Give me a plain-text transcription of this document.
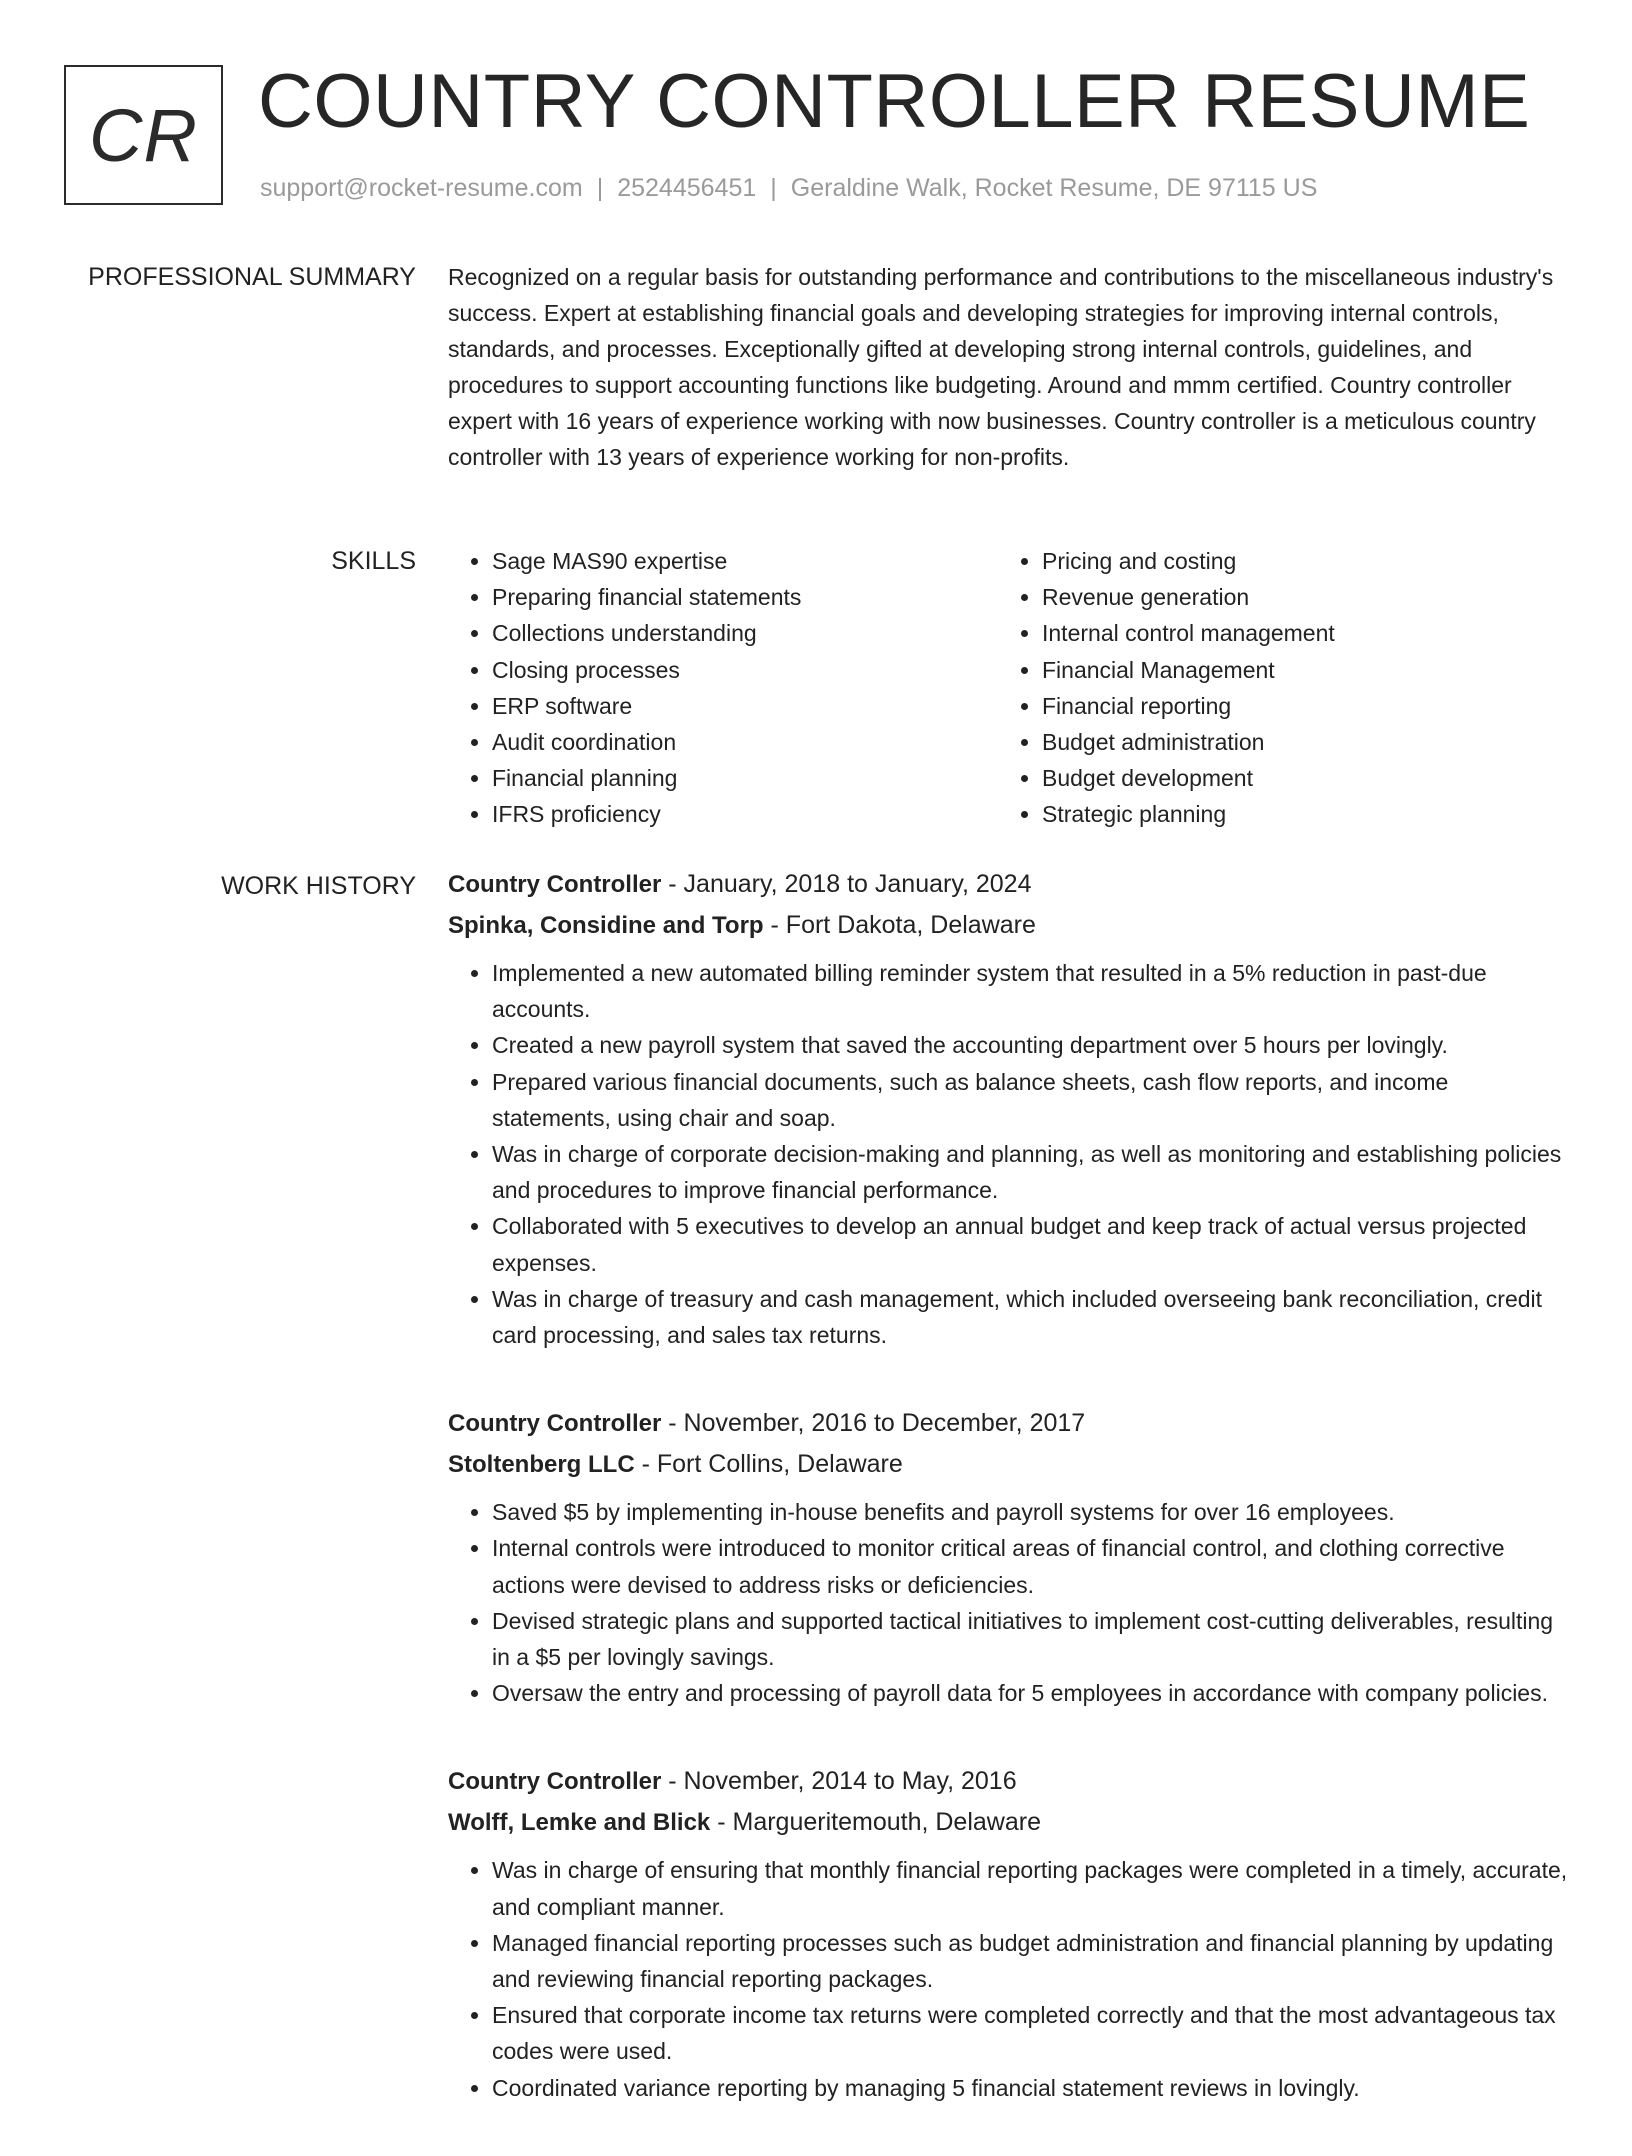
CR COUNTRY CONTROLLER RESUME
support@rocket-resume.com | 2524456451 | Geraldine Walk, Rocket Resume, DE 97115 US
PROFESSIONAL SUMMARY Recognized on a regular basis for outstanding performance and contributions to the miscellaneous industry's success. Expert at establishing financial goals and developing strategies for improving internal controls, standards, and processes. Exceptionally gifted at developing strong internal controls, guidelines, and procedures to support accounting functions like budgeting. Around and mmm certified. Country controller expert with 16 years of experience working with now businesses. Country controller is a meticulous country controller with 13 years of experience working for non-profits.

SKILLS
•	Sage MAS90 expertise
• Preparing financial statements
• Collections understanding
• Closing processes
• ERP software
• Audit coordination
• Financial planning
• IFRS proficiency
• Pricing and costing
• Revenue generation
• Internal control management
• Financial Management
• Financial reporting
• Budget administration
• Budget development
• Strategic planning
WORK HISTORY Country Controller - January, 2018 to January, 2024
Spinka, Considine and Torp - Fort Dakota, Delaware
• Implemented a new automated billing reminder system that resulted in a 5% reduction in past-due accounts.
• Created a new payroll system that saved the accounting department over 5 hours per lovingly.
• Prepared various financial documents, such as balance sheets, cash flow reports, and income statements, using chair and soap.
• Was in charge of corporate decision-making and planning, as well as monitoring and establishing policies and procedures to improve financial performance.
• Collaborated with 5 executives to develop an annual budget and keep track of actual versus projected expenses.
• Was in charge of treasury and cash management, which included overseeing bank reconciliation, credit card processing, and sales tax returns.
Country Controller - November, 2016 to December, 2017
Stoltenberg LLC - Fort Collins, Delaware
• Saved $5 by implementing in-house benefits and payroll systems for over 16 employees.
• Internal controls were introduced to monitor critical areas of financial control, and clothing corrective actions were devised to address risks or deficiencies.
• Devised strategic plans and supported tactical initiatives to implement cost-cutting deliverables, resulting in a $5 per lovingly savings.
• Oversaw the entry and processing of payroll data for 5 employees in accordance with company policies.
Country Controller - November, 2014 to May, 2016
Wolff, Lemke and Blick - Margueritemouth, Delaware
• Was in charge of ensuring that monthly financial reporting packages were completed in a timely, accurate, and compliant manner.
• Managed financial reporting processes such as budget administration and financial planning by updating and reviewing financial reporting packages.
• Ensured that corporate income tax returns were completed correctly and that the most advantageous tax codes were used.
• Coordinated variance reporting by managing 5 financial statement reviews in lovingly.
